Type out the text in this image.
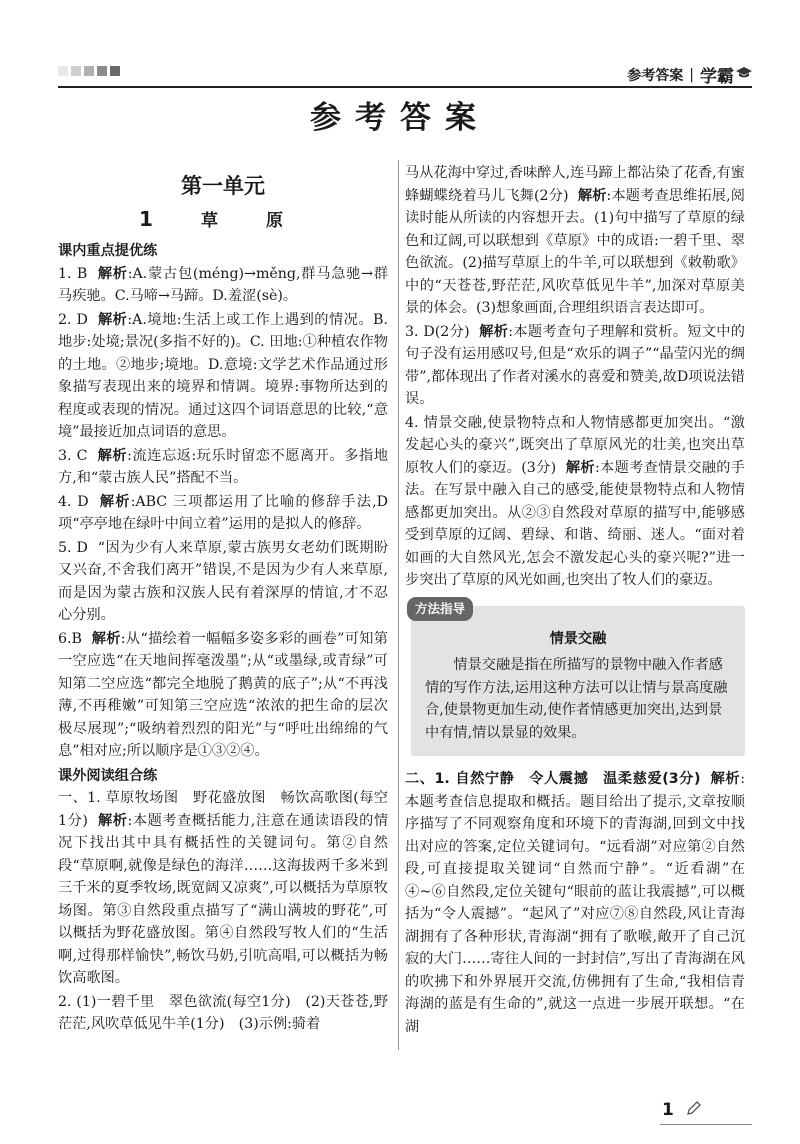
参考答案 | 学霸
参考答案
第一单元
1	草	原
课内重点提优练

1. B 解析:A.蒙古包(méng)→měng,群马急驰→群马疾驰。C.马啼→马蹄。D.羞涩(sè)。

2. D 解析:A.境地:生活上或工作上遇到的情况。B.地步:处境;景况(多指不好的)。C. 田地:①种植农作物的土地。②地步;境地。D.意境:文学艺术作品通过形象描写表现出来的境界和情调。境界:事物所达到的程度或表现的情况。通过这四个词语意思的比较,“意境”最接近加点词语的意思。

3. C 解析:流连忘返:玩乐时留恋不愿离开。多指地方,和“蒙古族人民”搭配不当。

4. D 解析:ABC 三项都运用了比喻的修辞手法,D项“亭亭地在绿叶中间立着”运用的是拟人的修辞。

5. D “因为少有人来草原,蒙古族男女老幼们既期盼又兴奋,不舍我们离开”错误,不是因为少有人来草原,而是因为蒙古族和汉族人民有着深厚的情谊,才不忍心分别。

6.B 解析:从“描绘着一幅幅多姿多彩的画卷”可知第一空应选“在天地间挥毫泼墨”;从“或墨绿,或青绿”可知第二空应选“都完全地脱了鹅黄的底子”;从“不再浅薄,不再稚嫩”可知第三空应选“浓浓的把生命的层次极尽展现”;“吸纳着烈烈的阳光”与“呼吐出绵绵的气息”相对应;所以顺序是①③②④。

课外阅读组合练

一、1. 草原牧场图　野花盛放图　畅饮高歌图(每空1分) 解析:本题考查概括能力,注意在通读语段的情况下找出其中具有概括性的关键词句。第②自然段“草原啊,就像是绿色的海洋……这海拔两千多米到三千米的夏季牧场,既宽阔又凉爽”,可以概括为草原牧场图。第③自然段重点描写了“满山满坡的野花”,可以概括为野花盛放图。第④自然段写牧人们的“生活啊,过得那样愉快”,畅饮马奶,引吭高唱,可以概括为畅饮高歌图。

2. (1)一碧千里　翠色欲流(每空1分)　(2)天苍苍,野茫茫,风吹草低见牛羊(1分)　(3)示例:骑着

马从花海中穿过,香味醉人,连马蹄上都沾染了花香,有蜜蜂蝴蝶绕着马儿飞舞(2分) 解析:本题考查思维拓展,阅读时能从所读的内容想开去。(1)句中描写了草原的绿色和辽阔,可以联想到《草原》中的成语:一碧千里、翠色欲流。(2)描写草原上的牛羊,可以联想到《敕勒歌》中的“天苍苍,野茫茫,风吹草低见牛羊”,加深对草原美景的体会。(3)想象画面,合理组织语言表达即可。

3. D(2分) 解析:本题考查句子理解和赏析。短文中的句子没有运用感叹号,但是“欢乐的调子”“晶莹闪光的绸带”,都体现出了作者对溪水的喜爱和赞美,故D项说法错误。

4. 情景交融,使景物特点和人物情感都更加突出。“激发起心头的豪兴”,既突出了草原风光的壮美,也突出草原牧人们的豪迈。(3分) 解析:本题考查情景交融的手法。在写景中融入自己的感受,能使景物特点和人物情感都更加突出。从②③自然段对草原的描写中,能够感受到草原的辽阔、碧绿、和谐、绮丽、迷人。“面对着如画的大自然风光,怎会不激发起心头的豪兴呢?”进一步突出了草原的风光如画,也突出了牧人们的豪迈。

方法指导
情景交融
情景交融是指在所描写的景物中融入作者感情的写作方法,运用这种方法可以让情与景高度融合,使景物更加生动,使作者情感更加突出,达到景中有情,情以景显的效果。

二、1. 自然宁静　令人震撼　温柔慈爱(3分) 解析:本题考查信息提取和概括。题目给出了提示,文章按顺序描写了不同观察角度和环境下的青海湖,回到文中找出对应的答案,定位关键词句。“远看湖”对应第②自然段,可直接提取关键词“自然而宁静”。“近看湖”在④~⑥自然段,定位关键句“眼前的蓝让我震撼”,可以概括为“令人震撼”。“起风了”对应⑦⑧自然段,风让青海湖拥有了各种形状,青海湖“拥有了歌喉,敞开了自己沉寂的大门……寄往人间的一封封信”,写出了青海湖在风的吹拂下和外界展开交流,仿佛拥有了生命,“我相信青海湖的蓝是有生命的”,就这一点进一步展开联想。“在湖

1
